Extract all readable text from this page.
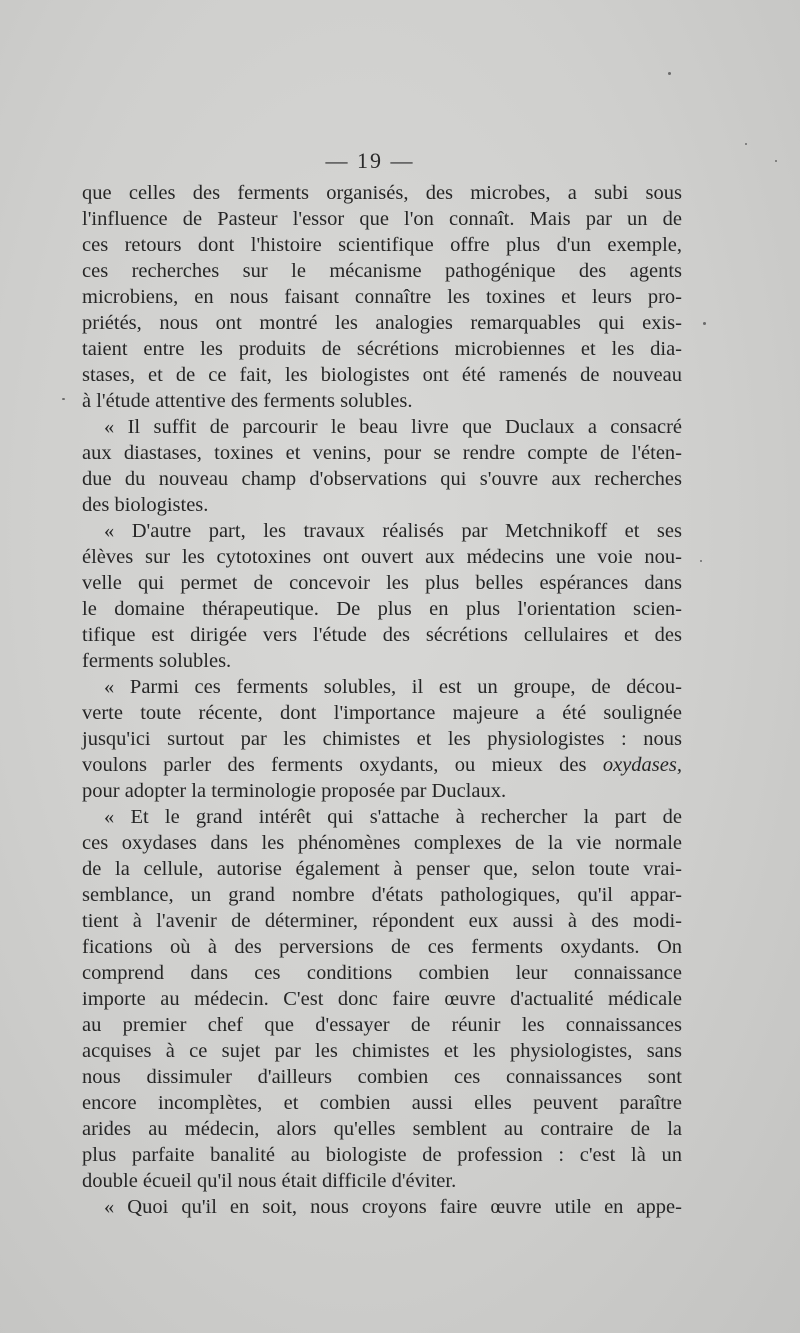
— 19 —
que celles des ferments organisés, des microbes, a subi sous
l'influence de Pasteur l'essor que l'on connaît. Mais par un de
ces retours dont l'histoire scientifique offre plus d'un exemple,
ces recherches sur le mécanisme pathogénique des agents
microbiens, en nous faisant connaître les toxines et leurs pro-
priétés, nous ont montré les analogies remarquables qui exis-
taient entre les produits de sécrétions microbiennes et les dia-
stases, et de ce fait, les biologistes ont été ramenés de nouveau
à l'étude attentive des ferments solubles.
« Il suffit de parcourir le beau livre que Duclaux a consacré
aux diastases, toxines et venins, pour se rendre compte de l'éten-
due du nouveau champ d'observations qui s'ouvre aux recherches
des biologistes.
« D'autre part, les travaux réalisés par Metchnikoff et ses
élèves sur les cytotoxines ont ouvert aux médecins une voie nou-
velle qui permet de concevoir les plus belles espérances dans
le domaine thérapeutique. De plus en plus l'orientation scien-
tifique est dirigée vers l'étude des sécrétions cellulaires et des
ferments solubles.
« Parmi ces ferments solubles, il est un groupe, de décou-
verte toute récente, dont l'importance majeure a été soulignée
jusqu'ici surtout par les chimistes et les physiologistes : nous
voulons parler des ferments oxydants, ou mieux des oxydases,
pour adopter la terminologie proposée par Duclaux.
« Et le grand intérêt qui s'attache à rechercher la part de
ces oxydases dans les phénomènes complexes de la vie normale
de la cellule, autorise également à penser que, selon toute vrai-
semblance, un grand nombre d'états pathologiques, qu'il appar-
tient à l'avenir de déterminer, répondent eux aussi à des modi-
fications où à des perversions de ces ferments oxydants. On
comprend dans ces conditions combien leur connaissance
importe au médecin. C'est donc faire œuvre d'actualité médicale
au premier chef que d'essayer de réunir les connaissances
acquises à ce sujet par les chimistes et les physiologistes, sans
nous dissimuler d'ailleurs combien ces connaissances sont
encore incomplètes, et combien aussi elles peuvent paraître
arides au médecin, alors qu'elles semblent au contraire de la
plus parfaite banalité au biologiste de profession : c'est là un
double écueil qu'il nous était difficile d'éviter.
« Quoi qu'il en soit, nous croyons faire œuvre utile en appe-
